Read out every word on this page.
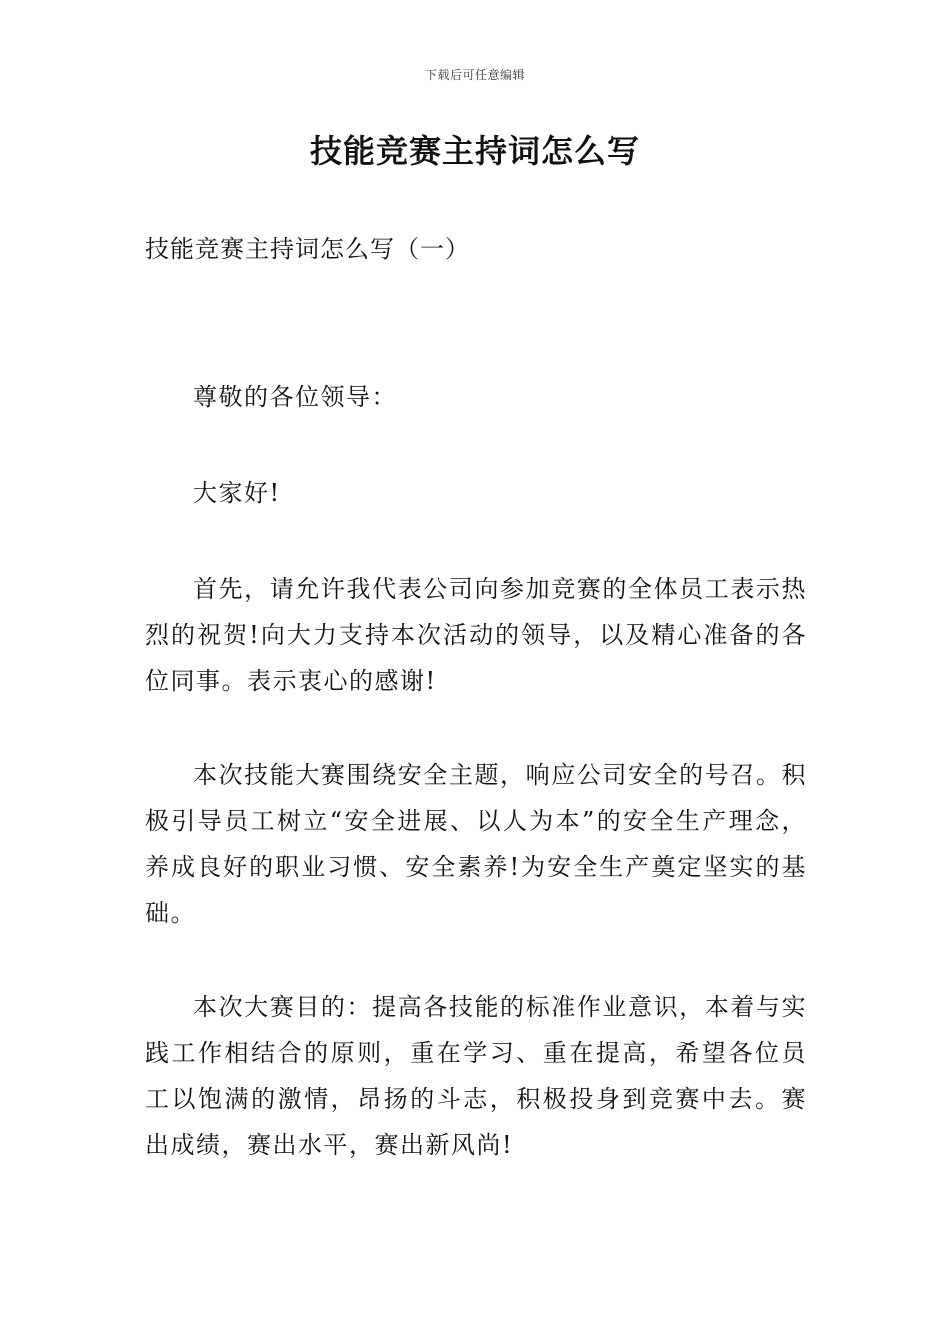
下载后可任意编辑
技能竞赛主持词怎么写

技能竞赛主持词怎么写（一）

尊敬的各位领导：

大家好!

首先，请允许我代表公司向参加竞赛的全体员工表示热烈的祝贺!向大力支持本次活动的领导，以及精心准备的各位同事。表示衷心的感谢!

本次技能大赛围绕安全主题，响应公司安全的号召。积极引导员工树立“安全进展、以人为本”的安全生产理念，养成良好的职业习惯、安全素养!为安全生产奠定坚实的基础。

本次大赛目的：提高各技能的标准作业意识，本着与实践工作相结合的原则，重在学习、重在提高，希望各位员工以饱满的激情，昂扬的斗志，积极投身到竞赛中去。赛出成绩，赛出水平，赛出新风尚!
